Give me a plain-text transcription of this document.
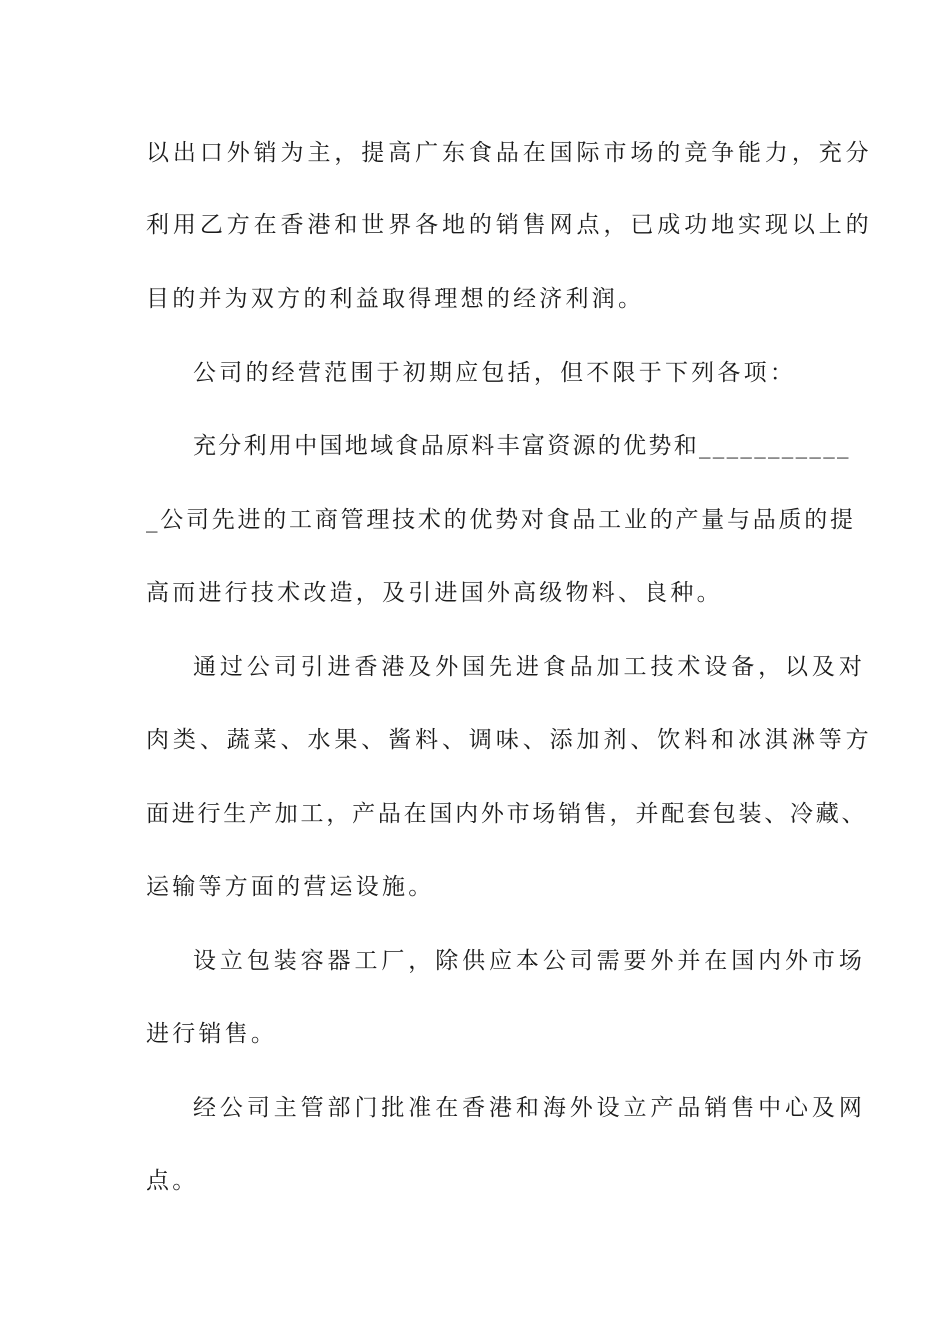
以出口外销为主，提高广东食品在国际市场的竞争能力，充分

利用乙方在香港和世界各地的销售网点，已成功地实现以上的

目的并为双方的利益取得理想的经济利润。

公司的经营范围于初期应包括，但不限于下列各项：

充分利用中国地域食品原料丰富资源的优势和___________

_公司先进的工商管理技术的优势对食品工业的产量与品质的提

高而进行技术改造，及引进国外高级物料、良种。

通过公司引进香港及外国先进食品加工技术设备，以及对

肉类、蔬菜、水果、酱料、调味、添加剂、饮料和冰淇淋等方

面进行生产加工，产品在国内外市场销售，并配套包装、冷藏、

运输等方面的营运设施。

设立包装容器工厂，除供应本公司需要外并在国内外市场

进行销售。

经公司主管部门批准在香港和海外设立产品销售中心及网

点。
